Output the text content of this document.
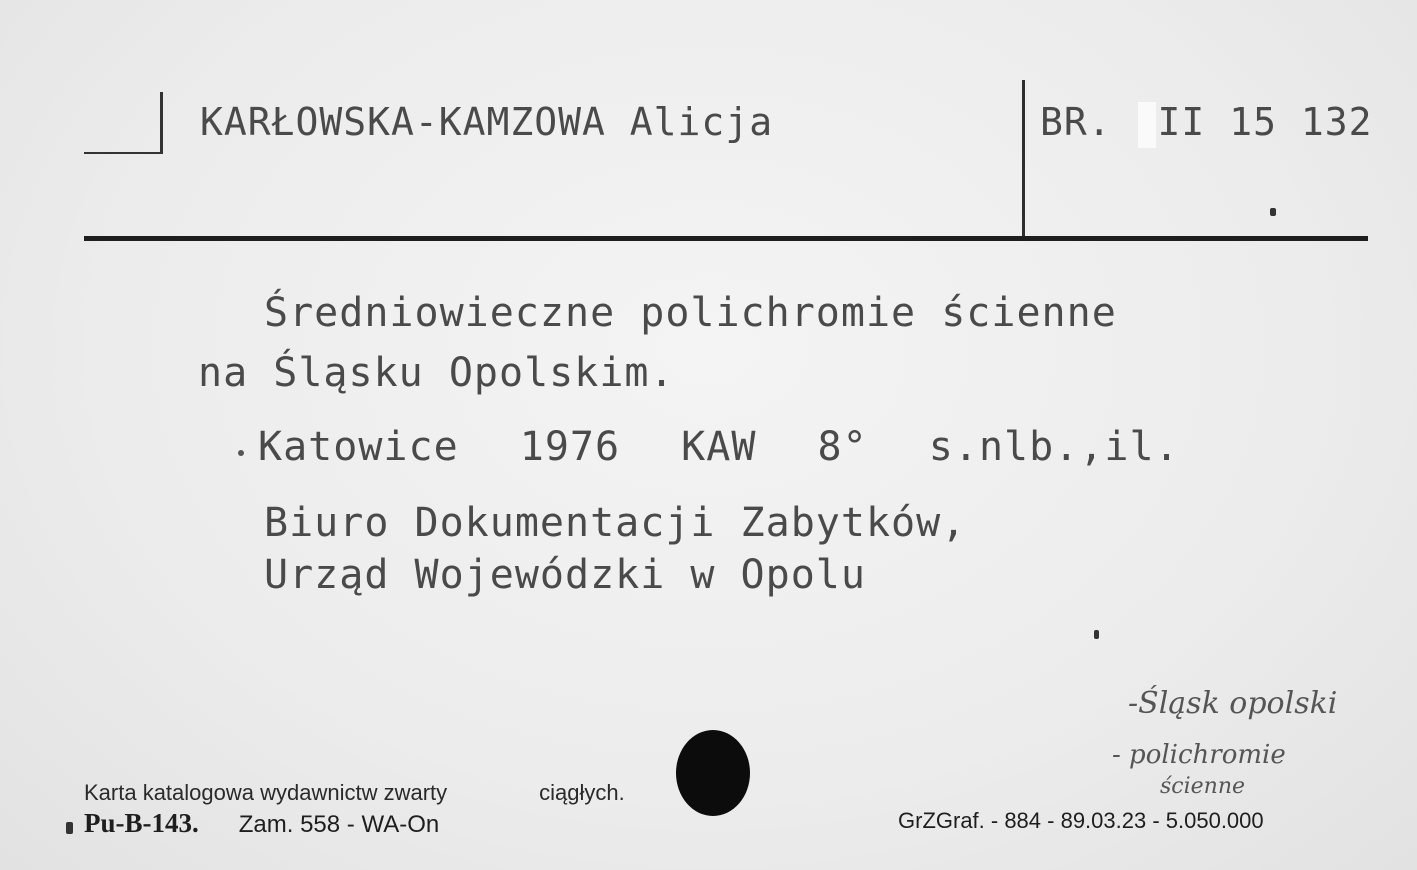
KARŁOWSKA-KAMZOWA Alicja	BR. II 15 132
Średniowieczne polichromie ścienne
na Śląsku Opolskim.
Katowice 1976 KAW 8° s.nlb.,il.
Biuro Dokumentacji Zabytków,
Urząd Wojewódzki w Opolu
-Śląsk opolski
- polichromie
ścienne
Karta katalogowa wydawnictw zwarty	ciągłych.
Pu-B-143. Zam. 558 - WA-On	GrZGraf. - 884 - 89.03.23 - 5.050.000
